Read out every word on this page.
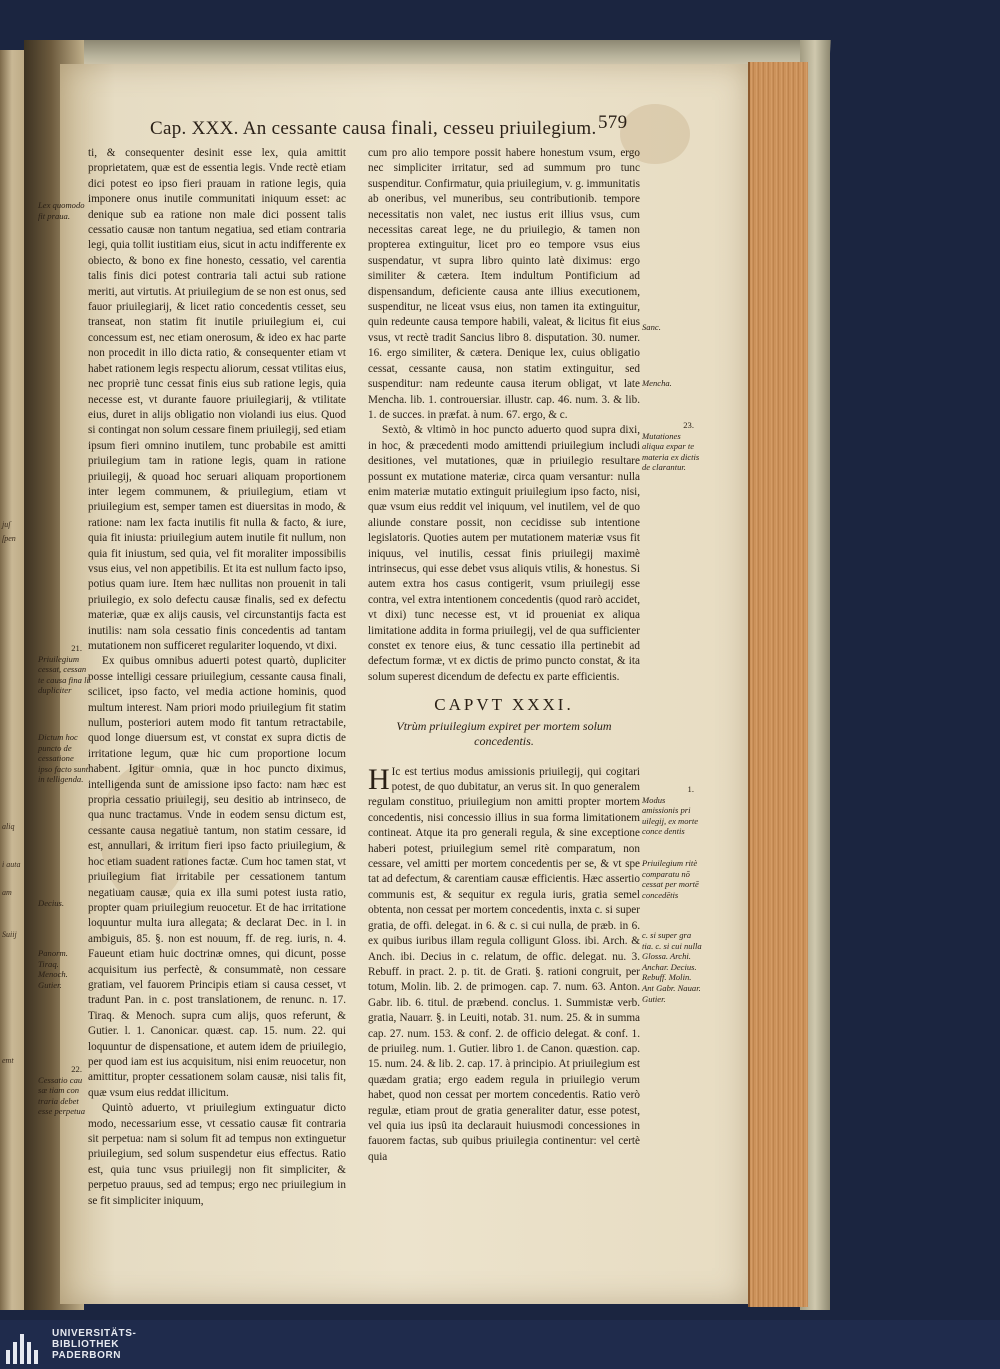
juſ
ſpen
aliq
i auta
am
Suiij
emt
Cap. XXX. An cessante causa finali, cesseu priuilegium. 579

ti, & consequenter desinit esse lex, quia amittit proprietatem, quæ est de essentia legis. Vnde rectè etiam dici potest eo ipso fieri prauam in ratione legis, quia imponere onus inutile communitati iniquum esset: ac denique sub ea ratione non male dici possent talis cessatio causæ non tantum negatiua, sed etiam contraria legi, quia tollit iustitiam eius, sicut in actu indifferente ex obiecto, & bono ex fine honesto, cessatio, vel carentia talis finis dici potest contraria tali actui sub ratione meriti, aut virtutis. At priuilegium de se non est onus, sed fauor priuilegiarij, & licet ratio concedentis cesset, seu transeat, non statim fit inutile priuilegium ei, cui concessum est, nec etiam onerosum, & ideo ex hac parte non procedit in illo dicta ratio, & consequenter etiam vt habet rationem legis respectu aliorum, cessat vtilitas eius, nec propriè tunc cessat finis eius sub ratione legis, quia necesse est, vt durante fauore priuilegiarij, & vtilitate eius, duret in alijs obligatio non violandi ius eius. Quod si contingat non solum cessare finem priuilegij, sed etiam ipsum fieri omnino inutilem, tunc probabile est amitti priuilegium tam in ratione legis, quam in ratione priuilegij, & quoad hoc seruari aliquam proportionem inter legem communem, & priuilegium, etiam vt priuilegium est, semper tamen est diuersitas in modo, & ratione: nam lex facta inutilis fit nulla & facto, & iure, quia fit iniusta: priuilegium autem inutile fit nullum, non quia fit iniustum, sed quia, vel fit moraliter impossibilis vsus eius, vel non appetibilis. Et ita est nullum facto ipso, potius quam iure. Item hæc nullitas non prouenit in tali priuilegio, ex solo defectu causæ finalis, sed ex defectu materiæ, quæ ex alijs causis, vel circunstantijs facta est inutilis: nam sola cessatio finis concedentis ad tantam mutationem non sufficeret regulariter loquendo, vt dixi.

Ex quibus omnibus aduerti potest quartò, dupliciter posse intelligi cessare priuilegium, cessante causa finali, scilicet, ipso facto, vel media actione hominis, quod multum interest. Nam priori modo priuilegium fit statim nullum, posteriori autem modo fit tantum retractabile, quod longe diuersum est, vt constat ex supra dictis de irritatione legum, quæ hic cum proportione locum habent. Igitur omnia, quæ in hoc puncto diximus, intelligenda sunt de amissione ipso facto: nam hæc est propria cessatio priuilegij, seu desitio ab intrinseco, de qua nunc tractamus. Vnde in eodem sensu dictum est, cessante causa negatiuè tantum, non statim cessare, id est, annullari, & irritum fieri ipso facto priuilegium, & hoc etiam suadent rationes factæ. Cum hoc tamen stat, vt priuilegium fiat irritabile per cessationem tantum negatiuam causæ, quia ex illa sumi potest iusta ratio, propter quam priuilegium reuocetur. Et de hac irritatione loquuntur multa iura allegata; & declarat Dec. in l. in ambiguis, 85. §. non est nouum, ff. de reg. iuris, n. 4. Faueunt etiam huic doctrinæ omnes, qui dicunt, posse acquisitum ius perfectè, & consummatè, non cessare gratiam, vel fauorem Principis etiam si causa cesset, vt tradunt Pan. in c. post translationem, de renunc. n. 17. Tiraq. & Menoch. supra cum alijs, quos referunt, & Gutier. l. 1. Canonicar. quæst. cap. 15. num. 22. qui loquuntur de dispensatione, et autem idem de priuilegio, per quod iam est ius acquisitum, nisi enim reuocetur, non amittitur, propter cessationem solam causæ, nisi talis fit, quæ vsum eius reddat illicitum.

Quintò aduerto, vt priuilegium extinguatur dicto modo, necessarium esse, vt cessatio causæ fit contraria sit perpetua: nam si solum fit ad tempus non extinguetur priuilegium, sed solum suspendetur eius effectus. Ratio est, quia tunc vsus priuilegij non fit simpliciter, & perpetuo prauus, sed ad tempus; ergo nec priuilegium in se fit simpliciter iniquum,

cum pro alio tempore possit habere honestum vsum, ergo nec simpliciter irritatur, sed ad summum pro tunc suspenditur. Confirmatur, quia priuilegium, v. g. immunitatis ab oneribus, vel muneribus, seu contributionib. tempore necessitatis non valet, nec iustus erit illius vsus, cum necessitas careat lege, ne du priuilegio, & tamen non propterea extinguitur, licet pro eo tempore vsus eius suspendatur, vt supra libro quinto latè diximus: ergo similiter & cætera. Item indultum Pontificium ad dispensandum, deficiente causa ante illius executionem, suspenditur, ne liceat vsus eius, non tamen ita extinguitur, quin redeunte causa tempore habili, valeat, & licitus fit eius vsus, vt rectè tradit Sancius libro 8. disputation. 30. numer. 16. ergo similiter, & cætera. Denique lex, cuius obligatio cessat, cessante causa, non statim extinguitur, sed suspenditur: nam redeunte causa iterum obligat, vt late Mencha. lib. 1. controuersiar. illustr. cap. 46. num. 3. & lib. 1. de succes. in præfat. à num. 67. ergo, & c.

Sextò, & vltimò in hoc puncto aduerto quod supra dixi, in hoc, & præcedenti modo amittendi priuilegium includi desitiones, vel mutationes, quæ in priuilegio resultare possunt ex mutatione materiæ, circa quam versantur: nulla enim materiæ mutatio extinguit priuilegium ipso facto, nisi, quæ vsum eius reddit vel iniquum, vel inutilem, vel de quo aliunde constare possit, non cecidisse sub intentione legislatoris. Quoties autem per mutationem materiæ vsus fit iniquus, vel inutilis, cessat finis priuilegij maximè intrinsecus, qui esse debet vsus aliquis vtilis, & honestus. Si autem extra hos casus contigerit, vsum priuilegij esse contra, vel extra intentionem concedentis (quod rarò accidet, vt dixi) tunc necesse est, vt id proueniat ex aliqua limitatione addita in forma priuilegij, vel de qua sufficienter constet ex tenore eius, & tunc cessatio illa pertinebit ad defectum formæ, vt ex dictis de primo puncto constat, & ita solum superest dicendum de defectu ex parte efficientis.

CAPVT XXXI.
Vtrùm priuilegium expiret per mortem solum concedentis.

H Ic est tertius modus amissionis priuilegij, qui cogitari potest, de quo dubitatur, an verus sit. In quo generalem regulam constituo, priuilegium non amitti propter mortem concedentis, nisi concessio illius in sua forma limitationem contineat. Atque ita pro generali regula, & sine exceptione haberi potest, priuilegium semel ritè comparatum, non cessare, vel amitti per mortem concedentis per se, & vt spe tat ad defectum, & carentiam causæ efficientis. Hæc assertio communis est, & sequitur ex regula iuris, gratia semel obtenta, non cessat per mortem concedentis, inxta c. si super gratia, de offi. delegat. in 6. & c. si cui nulla, de præb. in 6. ex quibus iuribus illam regula colligunt Gloss. ibi. Arch. & Anch. ibi. Decius in c. relatum, de offic. delegat. nu. 3. Rebuff. in pract. 2. p. tit. de Grati. §. rationi congruit, per totum, Molin. lib. 2. de primogen. cap. 7. num. 63. Anton. Gabr. lib. 6. titul. de præbend. conclus. 1. Summistæ verb. gratia, Nauarr. §. in Leuiti, notab. 31. num. 25. & in summa cap. 27. num. 153. & conf. 2. de officio delegat. & conf. 1. de priuileg. num. 1. Gutier. libro 1. de Canon. quæstion. cap. 15. num. 24. & lib. 2. cap. 17. à principio. At priuilegium est quædam gratia; ergo eadem regula in priuilegio verum habet, quod non cessat per mortem concedentis. Ratio verò regulæ, etiam prout de gratia generaliter datur, esse potest, vel quia ius ipsû ita declarauit huiusmodi concessiones in fauorem factas, sub quibus priuilegia continentur: vel certè quia

Lex quomodo fit praua.
21.
Priuilegium cessat, cessan te causa fina li dupliciter
Dictum hoc puncto de cessatione ipso facto sunt in telligenda.
Decius.
Panorm. Tiraq. Menoch. Gutier.
22.
Cessatio cau sæ tiam con traria debet esse perpetua
Sanc.
Mencha.
23.
Mutationes aliqua expar te materia ex dictis de clarantur.
1.
Modus amissionis pri uilegij, ex morte conce dentis
Priuilegium ritè comparatu nō cessat per mortē concedētis
c. si super gra tia. c. si cui nulla Glossa. Archi. Anchar. Decius. Rebuff. Molin. Ant Gabr. Nauar. Gutier.
UNIVERSITÄTS-
BIBLIOTHEK
PADERBORN
